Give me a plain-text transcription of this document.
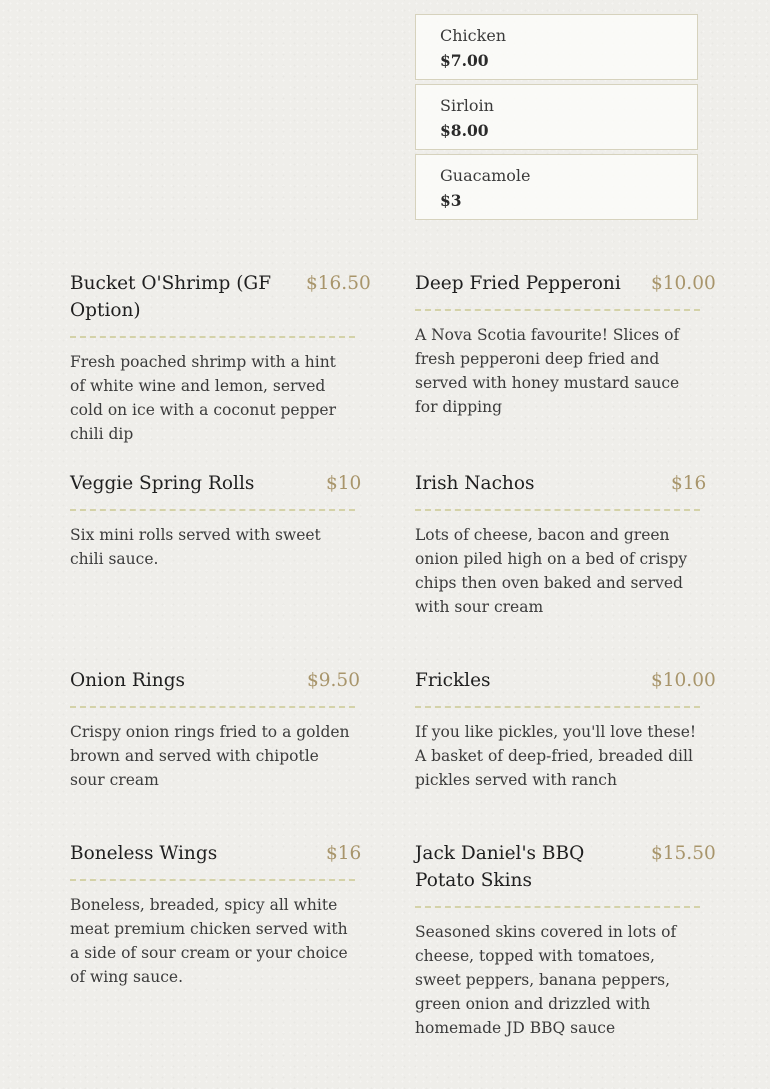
Chicken
$7.00
Sirloin
$8.00
Guacamole
$3
Bucket O'Shrimp (GF Option)
$16.50
Fresh poached shrimp with a hint of white wine and lemon, served cold on ice with a coconut pepper chili dip
Deep Fried Pepperoni	$10.00
A Nova Scotia favourite! Slices of fresh pepperoni deep fried and served with honey mustard sauce for dipping
Veggie Spring Rolls	$10
Six mini rolls served with sweet chili sauce.
Irish Nachos	$16
Lots of cheese, bacon and green onion piled high on a bed of crispy chips then oven baked and served with sour cream
Onion Rings	$9.50
Crispy onion rings fried to a golden brown and served with chipotle sour cream
Frickles	$10.00
If you like pickles, you'll love these! A basket of deep-fried, breaded dill pickles served with ranch
Boneless Wings	$16
Boneless, breaded, spicy all white meat premium chicken served with a side of sour cream or your choice of wing sauce.
Jack Daniel's BBQ Potato Skins
$15.50
Seasoned skins covered in lots of cheese, topped with tomatoes, sweet peppers, banana peppers, green onion and drizzled with homemade JD BBQ sauce
